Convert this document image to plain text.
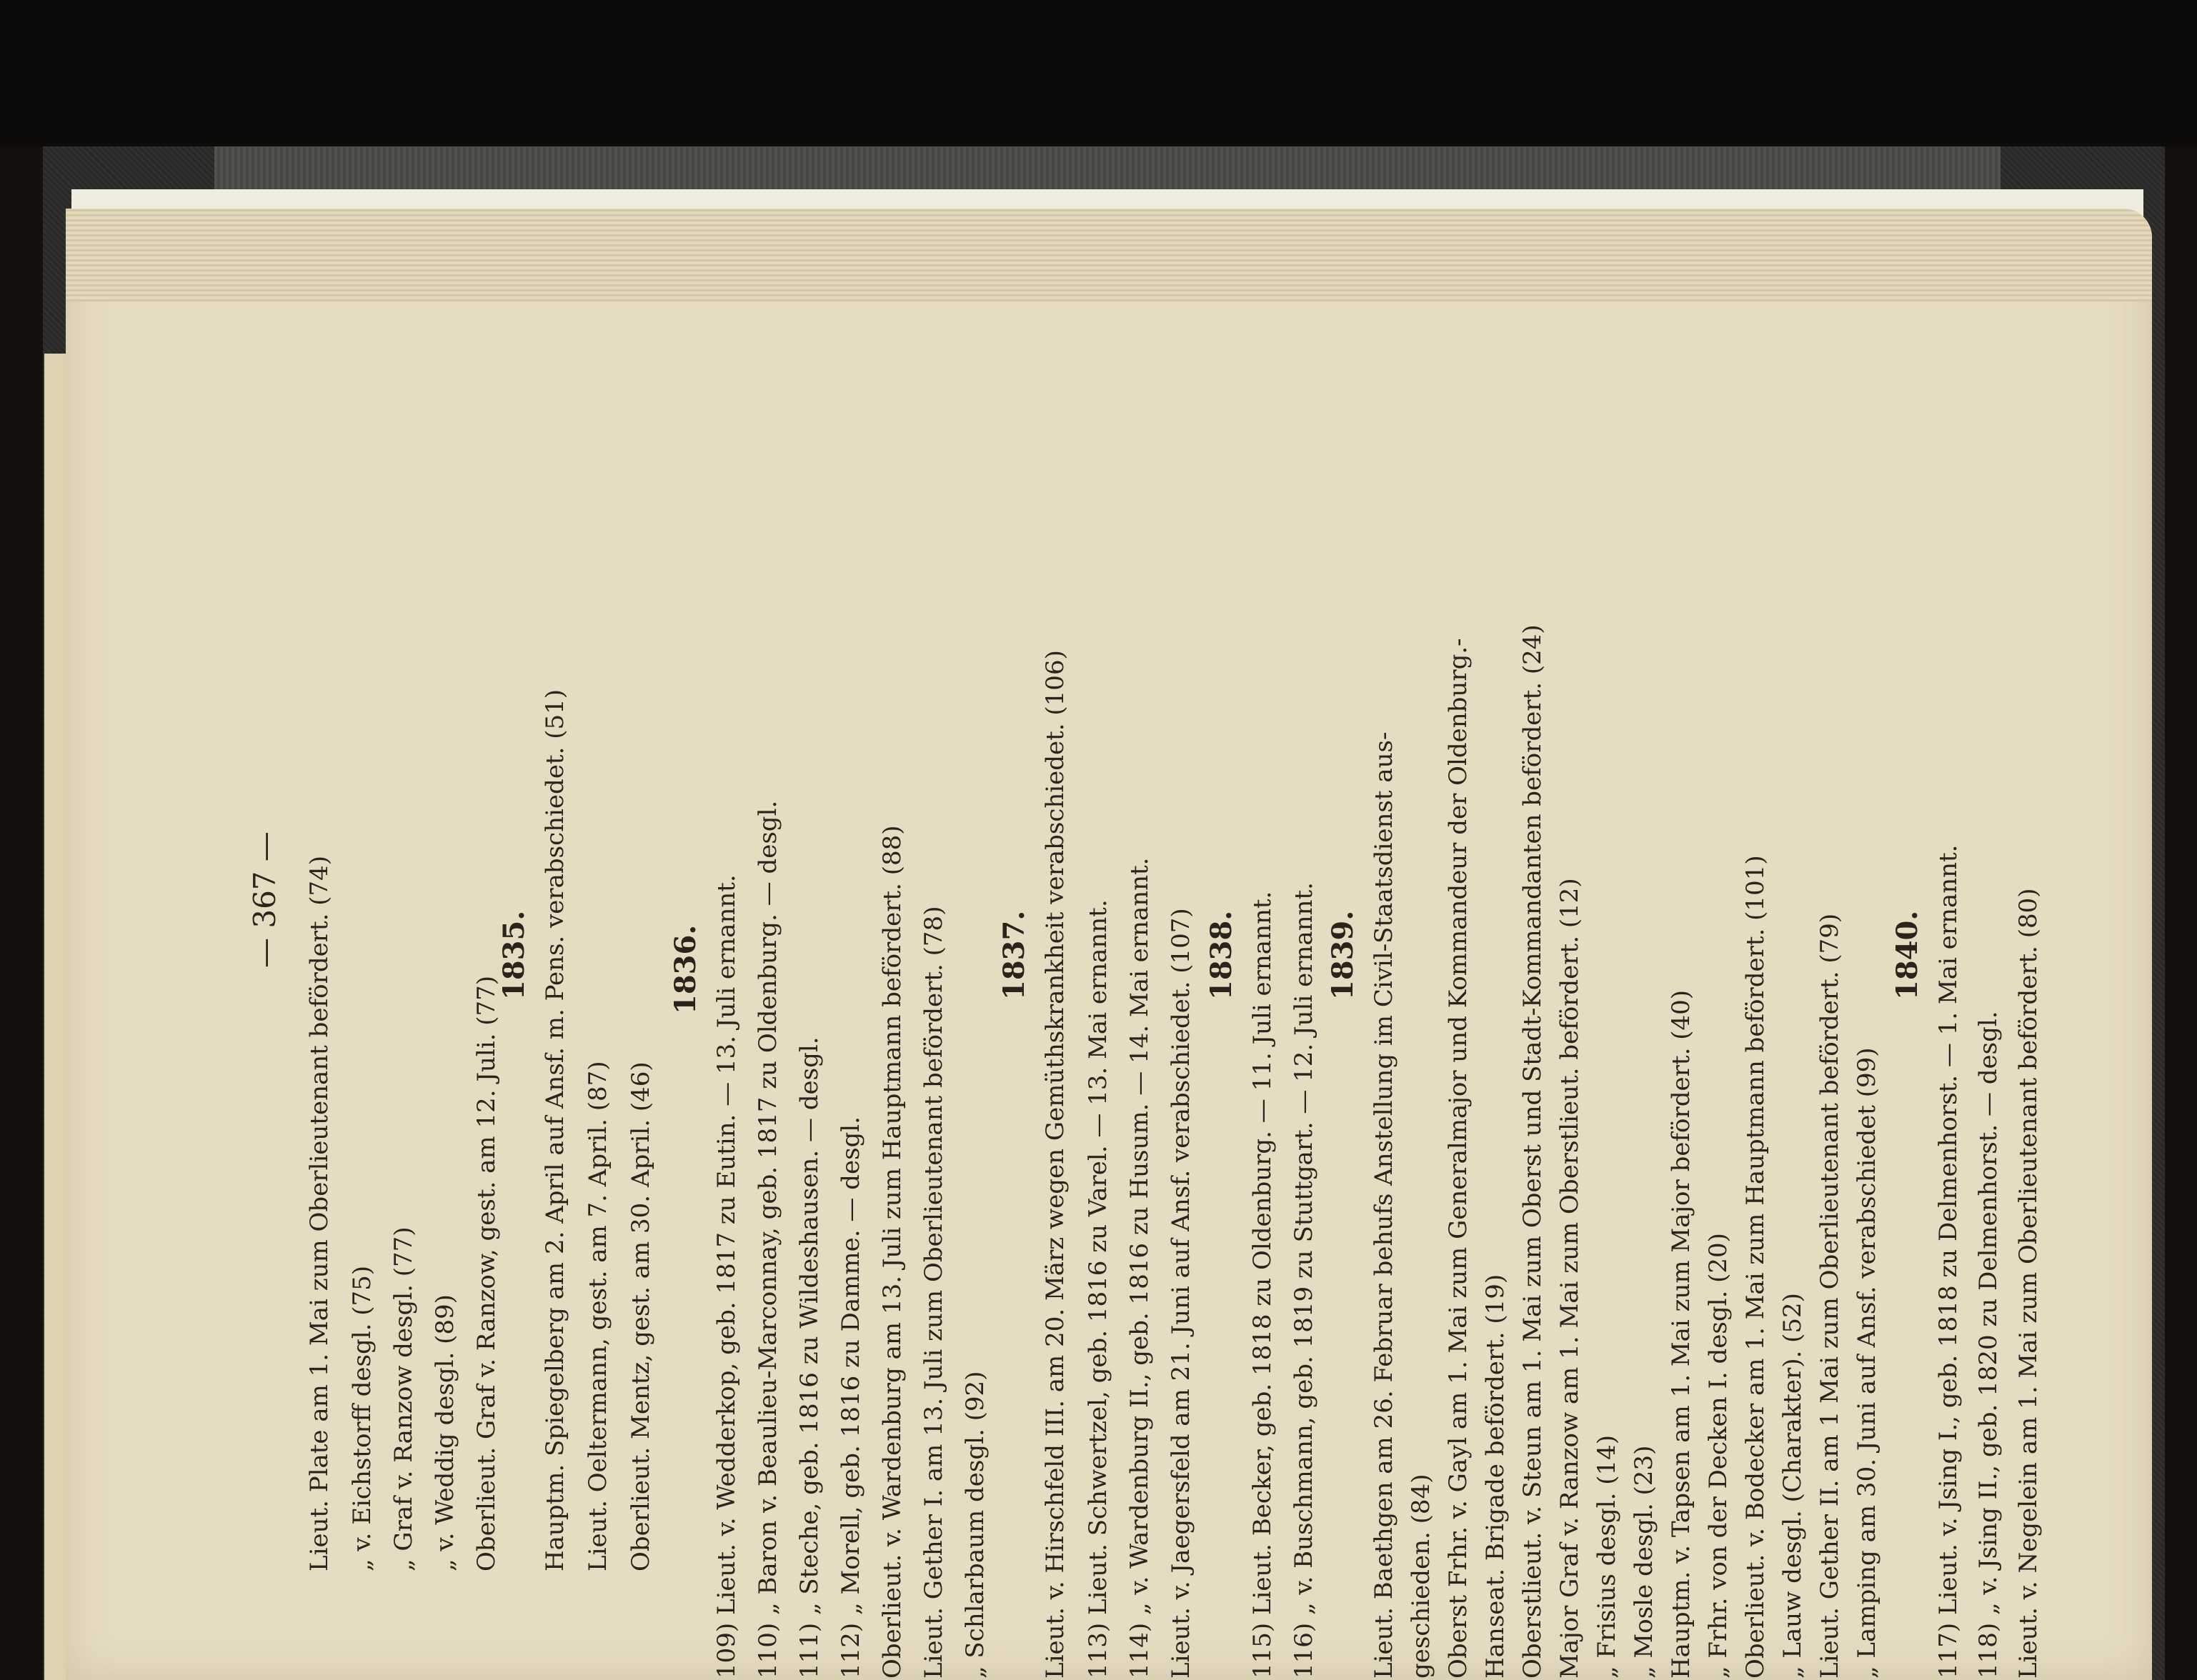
— 367 — Lieut. Plate am 1. Mai zum Oberlieutenant befördert. (74) „ v. Eichstorff desgl. (75) „ Graf v. Ranzow desgl. (77) „ v. Weddig desgl. (89) Oberlieut. Graf v. Ranzow, gest. am 12. Juli. (77)
1835. Hauptm. Spiegelberg am 2. April auf Ansf. m. Pens. verabschiedet. (51) Lieut. Oeltermann, gest. am 7. April. (87) Oberlieut. Mentz, gest. am 30. April. (46)
1836. 109) Lieut. v. Wedderkop, geb. 1817 zu Eutin. — 13. Juli ernannt. 110) „ Baron v. Beaulieu-Marconnay, geb. 1817 zu Oldenburg. — desgl. 111) „ Steche, geb. 1816 zu Wildeshausen. — desgl. 112) „ Morell, geb. 1816 zu Damme. — desgl. Oberlieut. v. Wardenburg am 13. Juli zum Hauptmann befördert. (88) Lieut. Gether I. am 13. Juli zum Oberlieutenant befördert. (78) „ Schlarbaum desgl. (92)
1837. Lieut. v. Hirschfeld III. am 20. März wegen Gemüthskrankheit verabschiedet. (106) 113) Lieut. Schwertzel, geb. 1816 zu Varel. — 13. Mai ernannt. 114) „ v. Wardenburg II., geb. 1816 zu Husum. — 14. Mai ernannt. Lieut. v. Jaegersfeld am 21. Juni auf Ansf. verabschiedet. (107) 1838. 115) Lieut. Becker, geb. 1818 zu Oldenburg. — 11. Juli ernannt. 116) „ v. Buschmann, geb. 1819 zu Stuttgart. — 12. Juli ernannt. 1839. Lieut. Baethgen am 26. Februar behufs Anstellung im Civil-Staatsdienst aus- geschieden. (84) Oberst Frhr. v. Gayl am 1. Mai zum Generalmajor und Kommandeur der Oldenburg.- Hanseat. Brigade befördert. (19) Oberstlieut. v. Steun am 1. Mai zum Oberst und Stadt-Kommandanten befördert. (24) Major Graf v. Ranzow am 1. Mai zum Oberstlieut. befördert. (12) „ Frisius desgl. (14) „ Mosle desgl. (23) Hauptm. v. Tapsen am 1. Mai zum Major befördert. (40) „ Frhr. von der Decken I. desgl. (20) Oberlieut. v. Bodecker am 1. Mai zum Hauptmann befördert. (101) „ Lauw desgl. (Charakter). (52) Lieut. Gether II. am 1 Mai zum Oberlieutenant befördert. (79) „ Lamping am 30. Juni auf Ansf. verabschiedet (99)
1840. 117) Lieut. v. Jsing I., geb. 1818 zu Delmenhorst. — 1. Mai ernannt. 118) „ v. Jsing II., geb. 1820 zu Delmenhorst. — desgl. Lieut. v. Negelein am 1. Mai zum Oberlieutenant befördert. (80)
